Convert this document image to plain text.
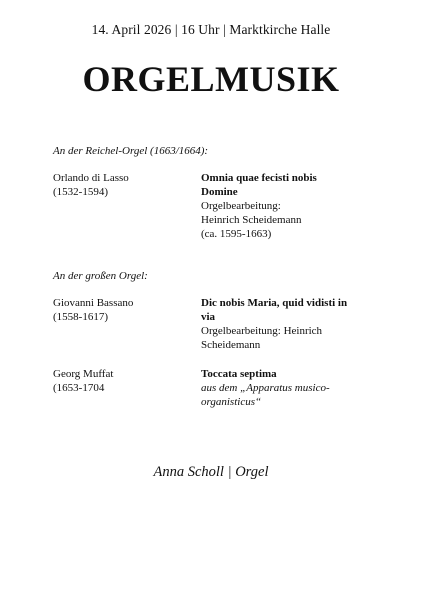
14. April 2026 | 16 Uhr | Marktkirche Halle
ORGELMUSIK
An der Reichel-Orgel (1663/1664):
Orlando di Lasso
(1532-1594)
Omnia quae fecisti nobis
Domine
Orgelbearbeitung:
Heinrich Scheidemann
(ca. 1595-1663)
An der großen Orgel:
Giovanni Bassano
(1558-1617)
Dic nobis Maria, quid vidisti in
via
Orgelbearbeitung: Heinrich
Scheidemann
Georg Muffat
(1653-1704
Toccata septima
aus dem „Apparatus musico-
organisticus“
Anna Scholl | Orgel
